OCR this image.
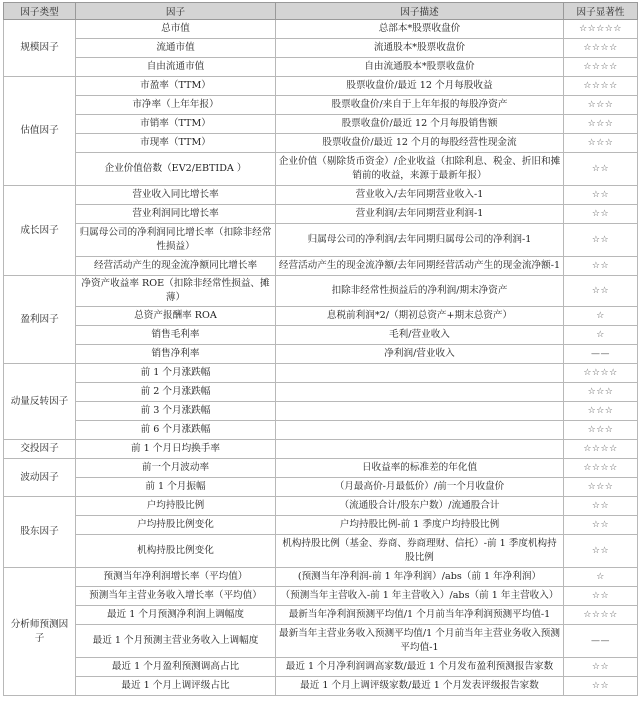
因子类型	因子	因子描述	因子显著性
规模因子	总市值	总部本*股票收盘价	☆☆☆☆☆
	流通市值	流通股本*股票收盘价	☆☆☆☆
	自由流通市值	自由流通股本*股票收盘价	☆☆☆☆
估值因子	市盈率（TTM）	股票收盘价/最近 12 个月每股收益	☆☆☆☆
	市净率（上年年报）	股票收盘价/来自于上年年报的每股净资产	☆☆☆
	市销率（TTM）	股票收盘价/最近 12 个月每股销售额	☆☆☆
	市现率（TTM）	股票收盘价/最近 12 个月的每股经营性现金流	☆☆☆
	企业价值倍数（EV2/EBTIDA ）	企业价值（剔除货币资金）/企业收益（扣除利息、税金、折旧和摊销前的收益，来源于最新年报）	☆☆
成长因子	营业收入同比增长率	营业收入/去年同期营业收入-1	☆☆
	营业利润同比增长率	营业利润/去年同期营业利润-1	☆☆
	归属母公司的净利润同比增长率（扣除非经常性损益）	归属母公司的净利润/去年同期归属母公司的净利润-1	☆☆
	经营活动产生的现金流净额同比增长率	经营活动产生的现金流净额/去年同期经营活动产生的现金流净额-1	☆☆
盈利因子	净资产收益率 ROE（扣除非经常性损益、摊薄）	扣除非经常性损益后的净利润/期末净资产	☆☆
	总资产报酬率 ROA	息税前利润*2/（期初总资产+期末总资产）	☆
	销售毛利率	毛利/营业收入	☆
	销售净利率	净利润/营业收入	——
动量反转因子	前 1 个月涨跌幅		☆☆☆☆
	前 2 个月涨跌幅		☆☆☆
	前 3 个月涨跌幅		☆☆☆
	前 6 个月涨跌幅		☆☆☆
交投因子	前 1 个月日均换手率		☆☆☆☆
波动因子	前一个月波动率	日收益率的标准差的年化值	☆☆☆☆
	前 1 个月振幅	（月最高价-月最低价）/前一个月收盘价	☆☆☆
股东因子	户均持股比例	（流通股合计/股东户数）/流通股合计	☆☆
	户均持股比例变化	户均持股比例-前 1 季度户均持股比例	☆☆
	机构持股比例变化	机构持股比例（基金、券商、券商理财、信托）-前 1 季度机构持股比例	☆☆
分析师预测因子	预测当年净利润增长率（平均值）	(预测当年净利润-前 1 年净利润）/abs（前 1 年净利润）	☆
	预测当年主营业务收入增长率（平均值）	（预测当年主营收入-前 1 年主营收入）/abs（前 1 年主营收入）	☆☆
	最近 1 个月预测净利润上调幅度	最新当年净利润预测平均值/1 个月前当年净利润预测平均值-1	☆☆☆☆
	最近 1 个月预测主营业务收入上调幅度	最新当年主营业务收入预测平均值/1 个月前当年主营业务收入预测平均值-1	——
	最近 1 个月盈利预测调高占比	最近 1 个月净利润调高家数/最近 1 个月发布盈利预测报告家数	☆☆
	最近 1 个月上调评级占比	最近 1 个月上调评级家数/最近 1 个月发表评级报告家数	☆☆
